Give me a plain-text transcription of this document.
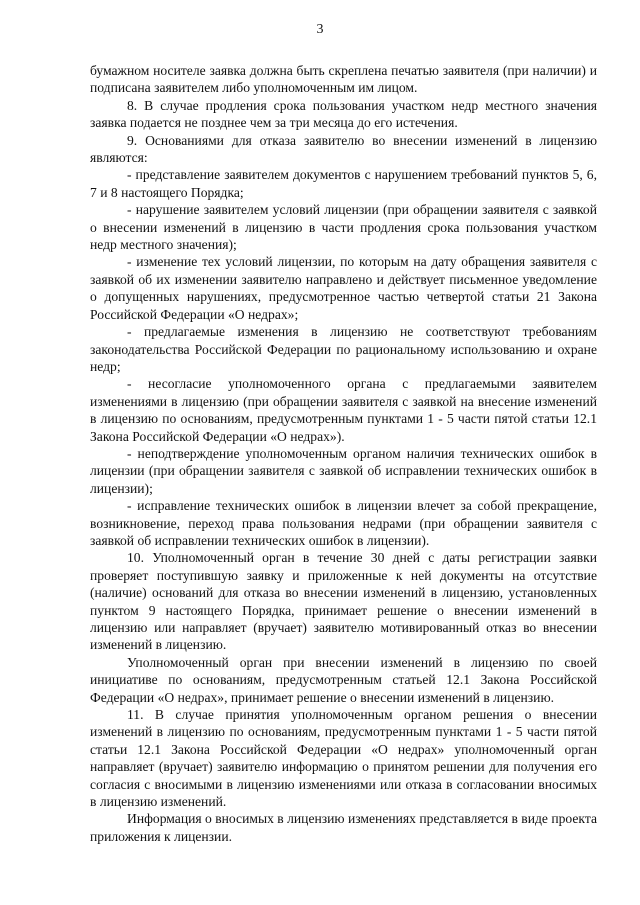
3

бумажном носителе заявка должна быть скреплена печатью заявителя (при наличии) и подписана заявителем либо уполномоченным им лицом.

8. В случае продления срока пользования участком недр местного значения заявка подается не позднее чем за три месяца до его истечения.

9. Основаниями для отказа заявителю во внесении изменений в лицензию являются:

- представление заявителем документов с нарушением требований пунктов 5, 6, 7 и 8 настоящего Порядка;

- нарушение заявителем условий лицензии (при обращении заявителя с заявкой о внесении изменений в лицензию в части продления срока пользования участком недр местного значения);

- изменение тех условий лицензии, по которым на дату обращения заявителя с заявкой об их изменении заявителю направлено и действует письменное уведомление о допущенных нарушениях, предусмотренное частью четвертой статьи 21 Закона Российской Федерации «О недрах»;

- предлагаемые изменения в лицензию не соответствуют требованиям законодательства Российской Федерации по рациональному использованию и охране недр;

- несогласие уполномоченного органа с предлагаемыми заявителем изменениями в лицензию (при обращении заявителя с заявкой на внесение изменений в лицензию по основаниям, предусмотренным пунктами 1 - 5 части пятой статьи 12.1 Закона Российской Федерации «О недрах»).

- неподтверждение уполномоченным органом наличия технических ошибок в лицензии (при обращении заявителя с заявкой об исправлении технических ошибок в лицензии);

- исправление технических ошибок в лицензии влечет за собой прекращение, возникновение, переход права пользования недрами (при обращении заявителя с заявкой об исправлении технических ошибок в лицензии).

10. Уполномоченный орган в течение 30 дней с даты регистрации заявки проверяет поступившую заявку и приложенные к ней документы на отсутствие (наличие) оснований для отказа во внесении изменений в лицензию, установленных пунктом 9 настоящего Порядка, принимает решение о внесении изменений в лицензию или направляет (вручает) заявителю мотивированный отказ во внесении изменений в лицензию.

Уполномоченный орган при внесении изменений в лицензию по своей инициативе по основаниям, предусмотренным статьей 12.1 Закона Российской Федерации «О недрах», принимает решение о внесении изменений в лицензию.

11. В случае принятия уполномоченным органом решения о внесении изменений в лицензию по основаниям, предусмотренным пунктами 1 - 5 части пятой статьи 12.1 Закона Российской Федерации «О недрах» уполномоченный орган направляет (вручает) заявителю информацию о принятом решении для получения его согласия с вносимыми в лицензию изменениями или отказа в согласовании вносимых в лицензию изменений.

Информация о вносимых в лицензию изменениях представляется в виде проекта приложения к лицензии.
